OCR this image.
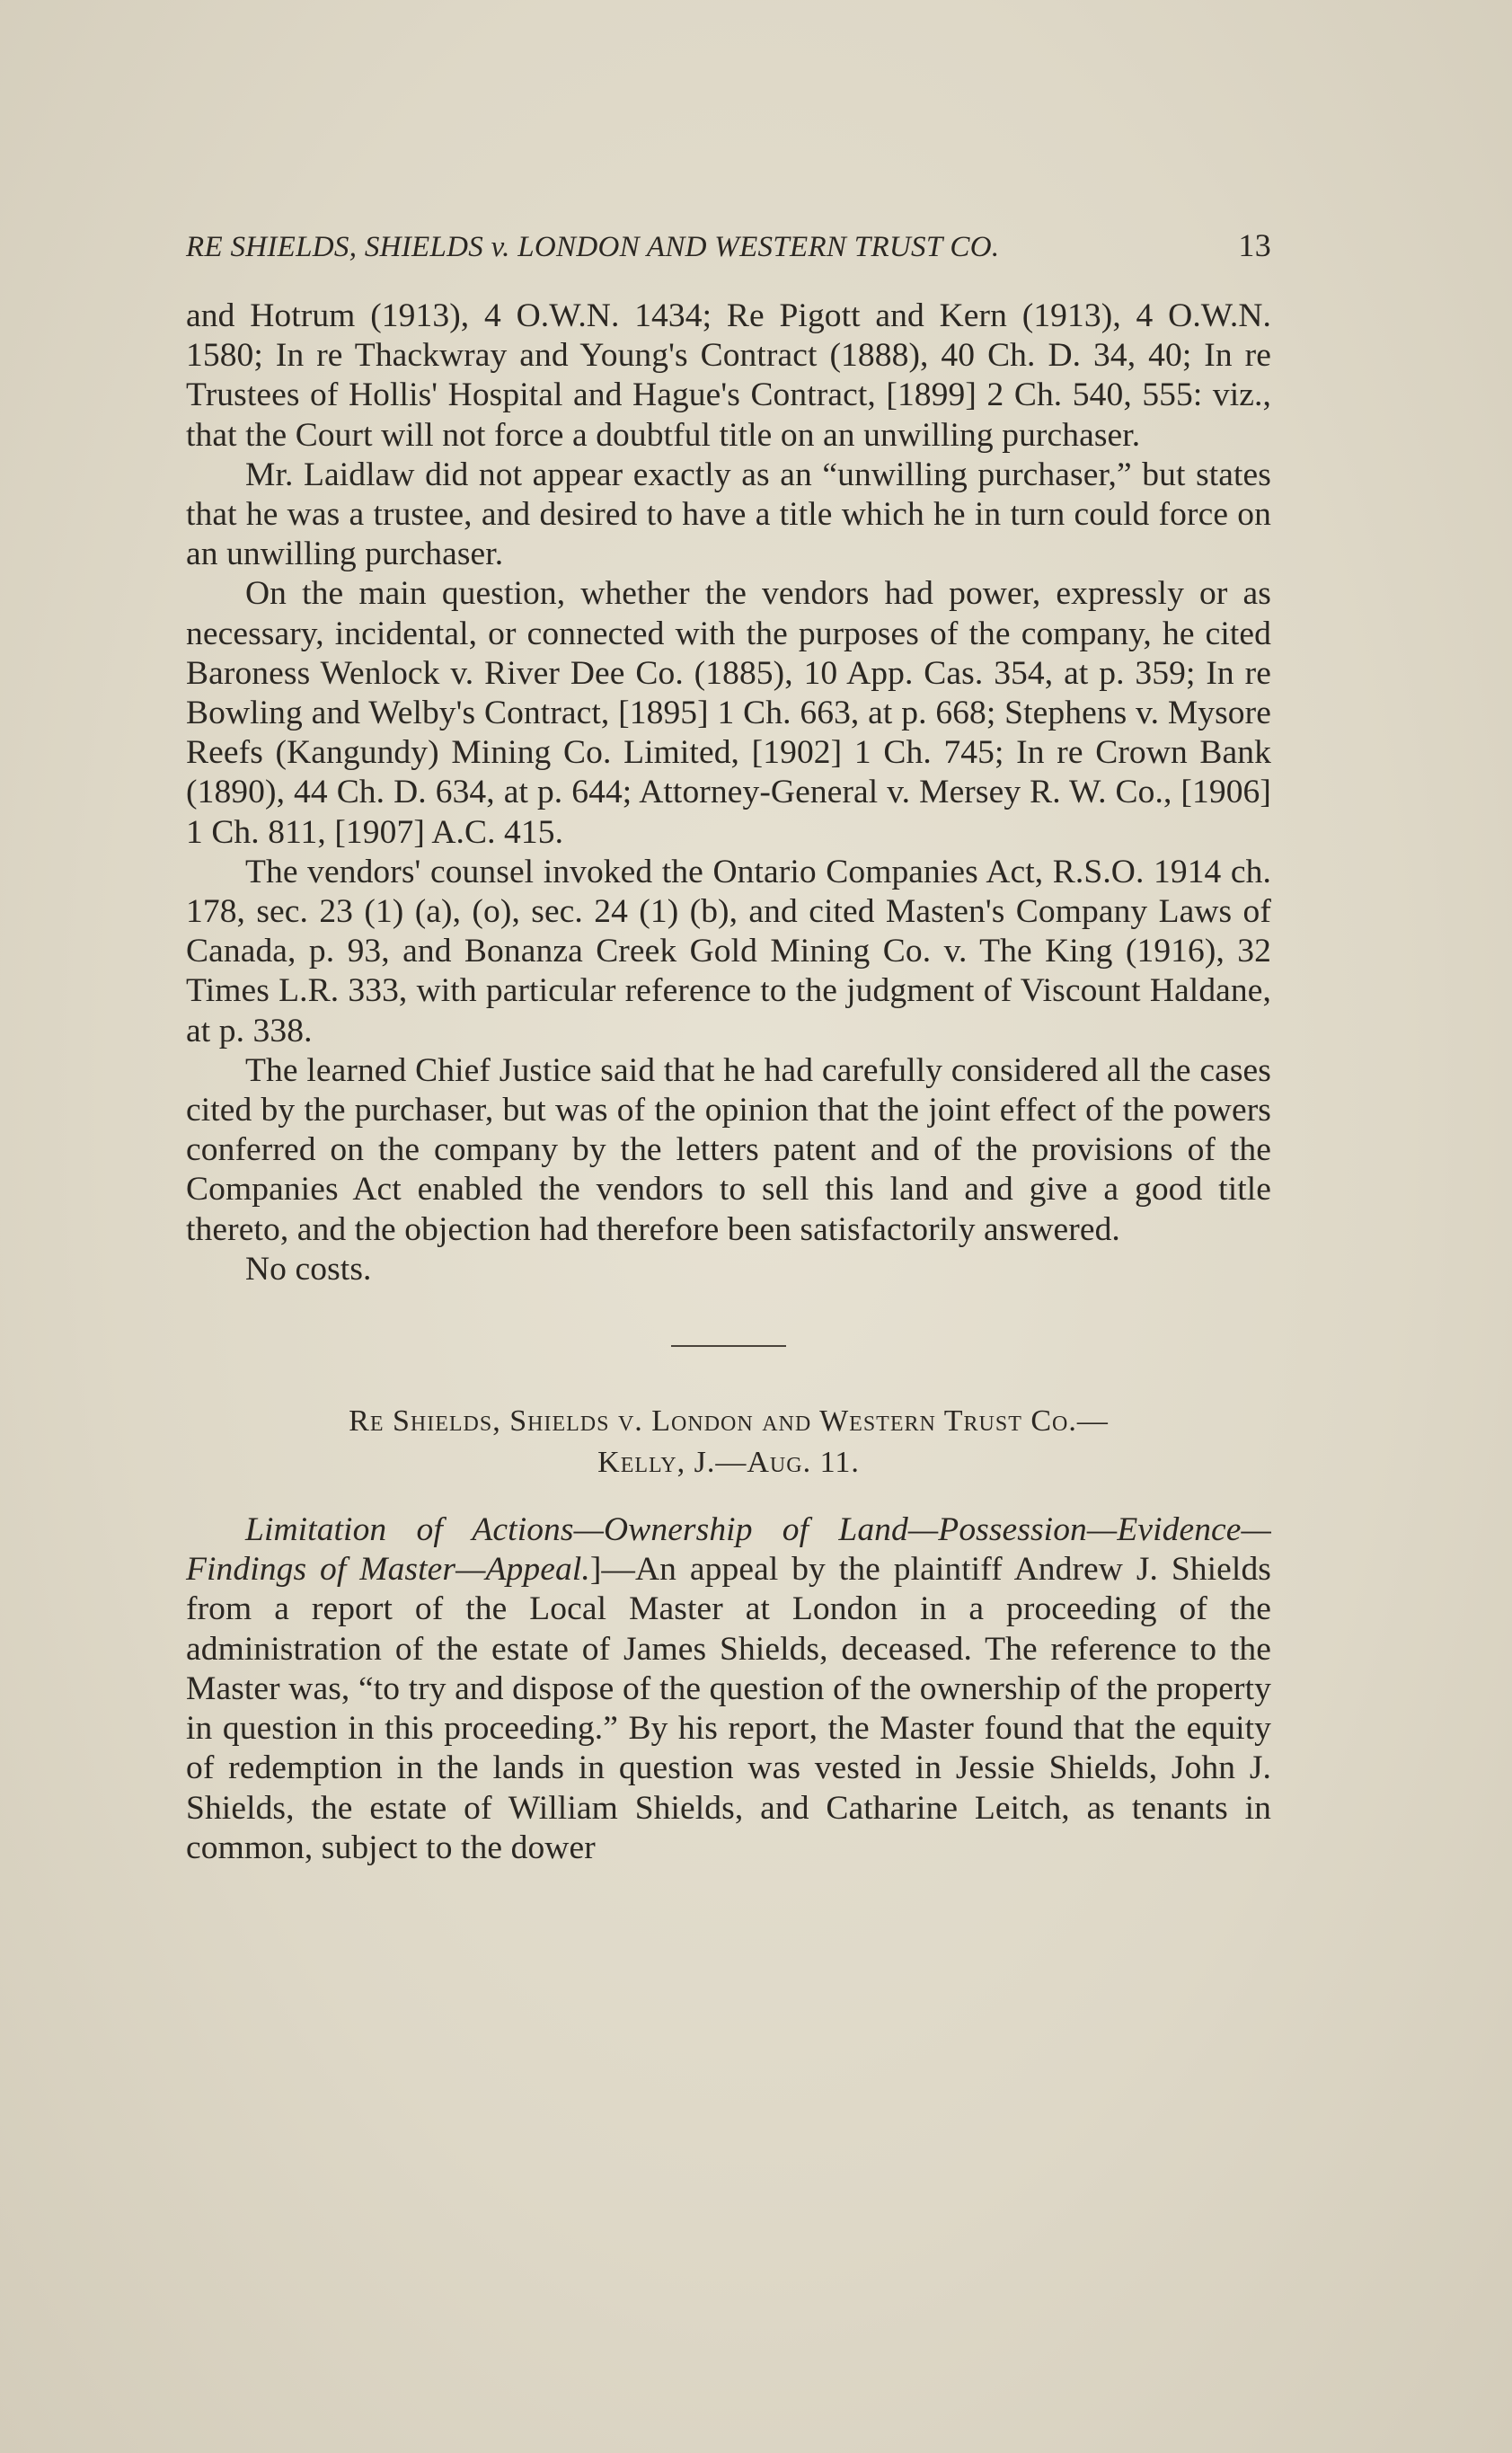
RE SHIELDS, SHIELDS v. LONDON AND WESTERN TRUST CO.	13

and Hotrum (1913), 4 O.W.N. 1434; Re Pigott and Kern (1913), 4 O.W.N. 1580; In re Thackwray and Young's Contract (1888), 40 Ch. D. 34, 40; In re Trustees of Hollis' Hospital and Hague's Contract, [1899] 2 Ch. 540, 555: viz., that the Court will not force a doubtful title on an unwilling purchaser.

Mr. Laidlaw did not appear exactly as an “unwilling purchaser,” but states that he was a trustee, and desired to have a title which he in turn could force on an unwilling purchaser.

On the main question, whether the vendors had power, expressly or as necessary, incidental, or connected with the purposes of the company, he cited Baroness Wenlock v. River Dee Co. (1885), 10 App. Cas. 354, at p. 359; In re Bowling and Welby's Contract, [1895] 1 Ch. 663, at p. 668; Stephens v. Mysore Reefs (Kangundy) Mining Co. Limited, [1902] 1 Ch. 745; In re Crown Bank (1890), 44 Ch. D. 634, at p. 644; Attorney-General v. Mersey R. W. Co., [1906] 1 Ch. 811, [1907] A.C. 415.

The vendors' counsel invoked the Ontario Companies Act, R.S.O. 1914 ch. 178, sec. 23 (1) (a), (o), sec. 24 (1) (b), and cited Masten's Company Laws of Canada, p. 93, and Bonanza Creek Gold Mining Co. v. The King (1916), 32 Times L.R. 333, with particular reference to the judgment of Viscount Haldane, at p. 338.

The learned Chief Justice said that he had carefully considered all the cases cited by the purchaser, but was of the opinion that the joint effect of the powers conferred on the company by the letters patent and of the provisions of the Companies Act enabled the vendors to sell this land and give a good title thereto, and the objection had therefore been satisfactorily answered.

No costs.

Re Shields, Shields v. London and Western Trust Co.—
Kelly, J.—Aug. 11.

Limitation of Actions—Ownership of Land—Possession—Evidence—Findings of Master—Appeal.]—An appeal by the plaintiff Andrew J. Shields from a report of the Local Master at London in a proceeding of the administration of the estate of James Shields, deceased. The reference to the Master was, “to try and dispose of the question of the ownership of the property in question in this proceeding.” By his report, the Master found that the equity of redemption in the lands in question was vested in Jessie Shields, John J. Shields, the estate of William Shields, and Catharine Leitch, as tenants in common, subject to the dower
